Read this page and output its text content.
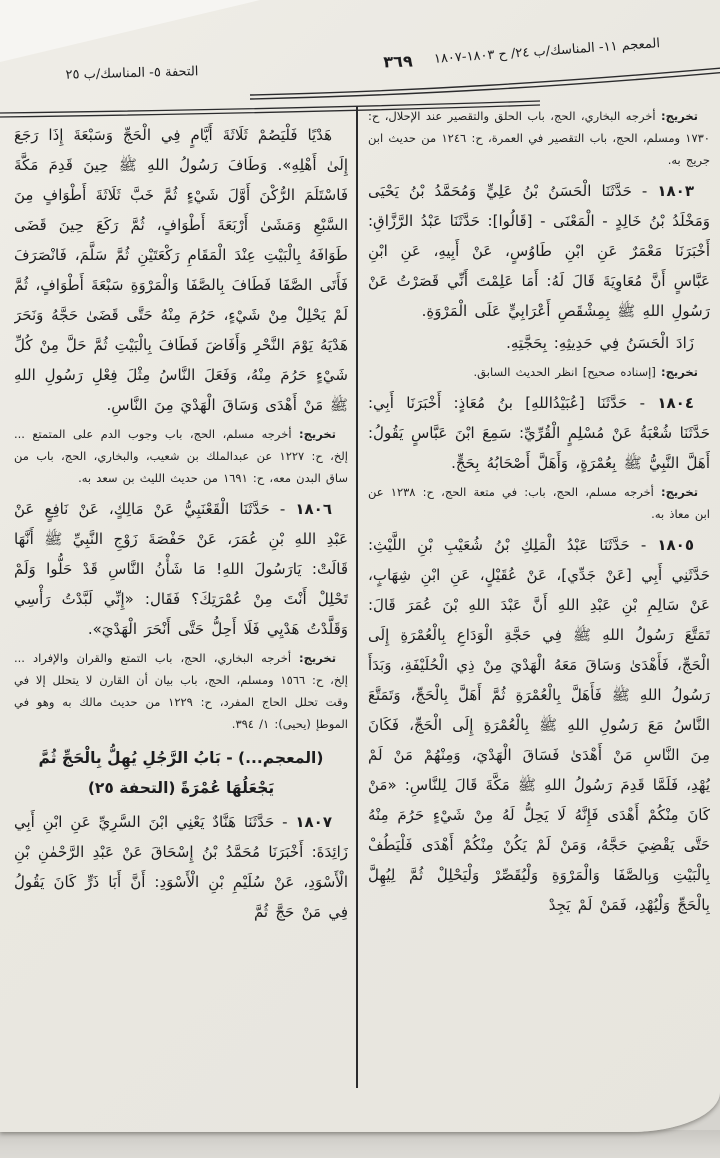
المعجم ١١- المناسك/ب ٢٤/ ح ١٨٠٣-١٨٠٧
٣٦٩
التحفة ٥- المناسك/ب ٢٥

تخريج: أخرجه البخاري، الحج، باب الحلق والتقصير عند الإحلال، ح: ١٧٣٠ ومسلم، الحج، باب التقصير في العمرة، ح: ١٢٤٦ من حديث ابن جريج به.

١٨٠٣ - حَدَّثَنَا الْحَسَنُ بْنُ عَلِيٍّ وَمُحَمَّدُ بْنُ يَحْيَى وَمَخْلَدُ بْنُ خَالِدٍ - الْمَعْنَى - [قَالُوا]: حَدَّثَنَا عَبْدُ الرَّزَّاقِ: أَخْبَرَنَا مَعْمَرٌ عَنِ ابْنِ طَاوُسٍ، عَنْ أَبِيهِ، عَنِ ابْنِ عَبَّاسٍ أَنَّ مُعَاوِيَةَ قَالَ لَهُ: أَمَا عَلِمْتَ أَنِّي قَصَرْتُ عَنْ رَسُولِ اللهِ ﷺ بِمِشْقَصِ أَعْرَابِيٍّ عَلَى الْمَرْوَةِ.

زَادَ الْحَسَنُ فِي حَدِيثِهِ: بِحَجَّتِهِ.

تخريج: [إسناده صحيح] انظر الحديث السابق.

١٨٠٤ - حَدَّثَنَا [عُبَيْدُاللهِ] بنُ مُعَاذٍ: أَخْبَرَنَا أَبِي: حَدَّثَنَا شُعْبَةُ عَنْ مُسْلِمٍ الْقُرِّيِّ: سَمِعَ ابْنَ عَبَّاسٍ يَقُولُ: أَهَلَّ النَّبِيُّ ﷺ بِعُمْرَةٍ، وَأَهَلَّ أَصْحَابُهُ بِحَجٍّ.

تخريج: أخرجه مسلم، الحج، باب: في متعة الحج، ح: ١٢٣٨ عن ابن معاذ به.

١٨٠٥ - حَدَّثَنَا عَبْدُ الْمَلِكِ بْنُ شُعَيْبِ بْنِ اللَّيْثِ: حَدَّثَنِي أَبِي [عَنْ جَدِّي]، عَنْ عُقَيْلٍ، عَنِ ابْنِ شِهَابٍ، عَنْ سَالِمِ بْنِ عَبْدِ اللهِ أَنَّ عَبْدَ اللهِ بْنَ عُمَرَ قَالَ: تَمَتَّعَ رَسُولُ اللهِ ﷺ فِي حَجَّةِ الْوَدَاعِ بِالْعُمْرَةِ إِلَى الْحَجِّ، فَأَهْدَىٰ وَسَاقَ مَعَهُ الْهَدْيَ مِنْ ذِي الْحُلَيْفَةِ، وَبَدَأَ رَسُولُ اللهِ ﷺ فَأَهَلَّ بِالْعُمْرَةِ ثُمَّ أَهَلَّ بِالْحَجِّ، وَتَمَتَّعَ النَّاسُ مَعَ رَسُولِ اللهِ ﷺ بِالْعُمْرَةِ إِلَى الْحَجِّ، فَكَانَ مِنَ النَّاسِ مَنْ أَهْدَىٰ فَسَاقَ الْهَدْيَ، وَمِنْهُمْ مَنْ لَمْ يُهْدِ، فَلَمَّا قَدِمَ رَسُولُ اللهِ ﷺ مَكَّةَ قَالَ لِلنَّاسِ: «مَنْ كَانَ مِنْكُمْ أَهْدَى فَإِنَّهُ لَا يَحِلُّ لَهُ مِنْ شَيْءٍ حَرُمَ مِنْهُ حَتَّى يَقْضِيَ حَجَّهُ، وَمَنْ لَمْ يَكُنْ مِنْكُمْ أَهْدَى فَلْيَطُفْ بِالْبَيْتِ وَبِالصَّفَا وَالْمَرْوَةِ وَلْيُقَصِّرْ وَلْيَحْلِلْ ثُمَّ لِيُهِلَّ بِالْحَجِّ وَلْيُهْدِ، فَمَنْ لَمْ يَجِدْ

هَدْيًا فَلْيَصُمْ ثَلَاثَةَ أَيَّامٍ فِي الْحَجِّ وَسَبْعَةَ إِذَا رَجَعَ إِلَىٰ أَهْلِهِ». وَطَافَ رَسُولُ اللهِ ﷺ حِينَ قَدِمَ مَكَّةَ فَاسْتَلَمَ الرُّكْنَ أَوَّلَ شَيْءٍ ثُمَّ خَبَّ ثَلَاثَةَ أَطْوَافٍ مِنَ السَّبْعِ وَمَشَىٰ أَرْبَعَةَ أَطْوَافٍ، ثُمَّ رَكَعَ حِينَ قَضَى طَوَافَهُ بِالْبَيْتِ عِنْدَ الْمَقَامِ رَكْعَتَيْنِ ثُمَّ سَلَّمَ، فَانْصَرَفَ فَأَتَى الصَّفَا فَطَافَ بِالصَّفَا وَالْمَرْوَةِ سَبْعَةَ أَطْوَافٍ، ثُمَّ لَمْ يَحْلِلْ مِنْ شَيْءٍ، حَرُمَ مِنْهُ حَتَّى قَضَىٰ حَجَّهُ وَنَحَرَ هَدْيَهُ يَوْمَ النَّحْرِ وَأَفَاضَ فَطَافَ بِالْبَيْتِ ثُمَّ حَلَّ مِنْ كُلِّ شَيْءٍ حَرُمَ مِنْهُ، وَفَعَلَ النَّاسُ مِثْلَ فِعْلِ رَسُولِ اللهِ ﷺ مَنْ أَهْدَى وَسَاقَ الْهَدْيَ مِنَ النَّاسِ.

تخريج: أخرجه مسلم، الحج، باب وجوب الدم على المتمتع ... إلخ، ح: ١٢٢٧ عن عبدالملك بن شعيب، والبخاري، الحج، باب من ساق البدن معه، ح: ١٦٩١ من حديث الليث بن سعد به.

١٨٠٦ - حَدَّثَنَا الْقَعْنَبِيُّ عَنْ مَالِكٍ، عَنْ نَافِعٍ عَنْ عَبْدِ اللهِ بْنِ عُمَرَ، عَنْ حَفْصَةَ زَوْجِ النَّبِيِّ ﷺ أَنَّهَا قَالَتْ: يَارَسُولَ اللهِ! مَا شَأْنُ النَّاسِ قَدْ حَلُّوا وَلَمْ تَحْلِلْ أَنْتَ مِنْ عُمْرَتِكَ؟ فَقَال: «إِنِّي لَبَّدْتُ رَأْسِي وَقَلَّدْتُ هَدْيِي فَلَا أَحِلُّ حَتَّى أَنْحَرَ الْهَدْيَ».

تخريج: أخرجه البخاري، الحج، باب التمتع والقران والإفراد ... إلخ، ح: ١٥٦٦ ومسلم، الحج، باب بيان أن القارن لا يتحلل إلا في وقت تحلل الحاج المفرد، ح: ١٢٢٩ من حديث مالك به وهو في الموطإ (يحيى): ١/ ٣٩٤.

(المعجم...) - بَابُ الرَّجُلِ يُهِلُّ بِالْحَجِّ ثُمَّ
يَجْعَلُهَا عُمْرَةً (التحفة ٢٥)

١٨٠٧ - حَدَّثَنَا هَنَّادٌ يَعْنِي ابْنَ السَّرِيِّ عَنِ ابْنِ أَبِي زَائِدَةَ: أَخْبَرَنَا مُحَمَّدُ بْنُ إِسْحَاقَ عَنْ عَبْدِ الرَّحْمٰنِ بْنِ الْأَسْوَدِ، عَنْ سُلَيْمِ بْنِ الْأَسْوَدِ: أَنَّ أَبَا ذَرٍّ كَانَ يَقُولُ فِي مَنْ حَجَّ ثُمَّ
